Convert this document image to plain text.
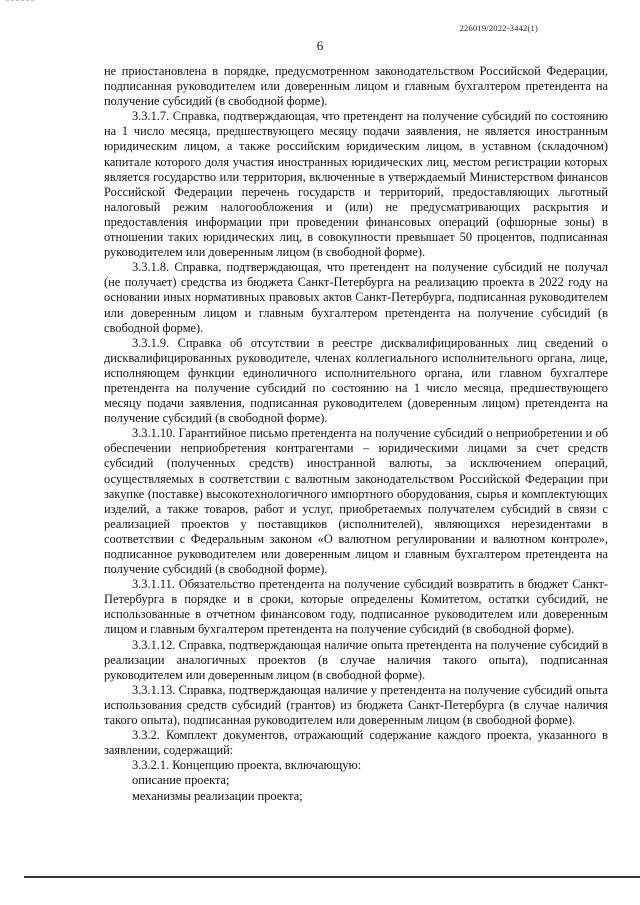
226019/2022-3442(1)
6

не приостановлена в порядке, предусмотренном законодательством Российской Федерации, подписанная руководителем или доверенным лицом и главным бухгалтером претендента на получение субсидий (в свободной форме).

3.3.1.7. Справка, подтверждающая, что претендент на получение субсидий по состоянию на 1 число месяца, предшествующего месяцу подачи заявления, не является иностранным юридическим лицом, а также российским юридическим лицом, в уставном (складочном) капитале которого доля участия иностранных юридических лиц, местом регистрации которых является государство или территория, включенные в утверждаемый Министерством финансов Российской Федерации перечень государств и территорий, предоставляющих льготный налоговый режим налогообложения и (или) не предусматривающих раскрытия и предоставления информации при проведении финансовых операций (офшорные зоны) в отношении таких юридических лиц, в совокупности превышает 50 процентов, подписанная руководителем или доверенным лицом (в свободной форме).

3.3.1.8. Справка, подтверждающая, что претендент на получение субсидий не получал (не получает) средства из бюджета Санкт-Петербурга на реализацию проекта в 2022 году на основании иных нормативных правовых актов Санкт-Петербурга, подписанная руководителем или доверенным лицом и главным бухгалтером претендента на получение субсидий (в свободной форме).

3.3.1.9. Справка об отсутствии в реестре дисквалифицированных лиц сведений о дисквалифицированных руководителе, членах коллегиального исполнительного органа, лице, исполняющем функции единоличного исполнительного органа, или главном бухгалтере претендента на получение субсидий по состоянию на 1 число месяца, предшествующего месяцу подачи заявления, подписанная руководителем (доверенным лицом) претендента на получение субсидий (в свободной форме).

3.3.1.10. Гарантийное письмо претендента на получение субсидий о неприобретении и об обеспечении неприобретения контрагентами – юридическими лицами за счет средств субсидий (полученных средств) иностранной валюты, за исключением операций, осуществляемых в соответствии с валютным законодательством Российской Федерации при закупке (поставке) высокотехнологичного импортного оборудования, сырья и комплектующих изделий, а также товаров, работ и услуг, приобретаемых получателем субсидий в связи с реализацией проектов у поставщиков (исполнителей), являющихся нерезидентами в соответствии с Федеральным законом «О валютном регулировании и валютном контроле», подписанное руководителем или доверенным лицом и главным бухгалтером претендента на получение субсидий (в свободной форме).

3.3.1.11. Обязательство претендента на получение субсидий возвратить в бюджет Санкт-Петербурга в порядке и в сроки, которые определены Комитетом, остатки субсидий, не использованные в отчетном финансовом году, подписанное руководителем или доверенным лицом и главным бухгалтером претендента на получение субсидий (в свободной форме).

3.3.1.12. Справка, подтверждающая наличие опыта претендента на получение субсидий в реализации аналогичных проектов (в случае наличия такого опыта), подписанная руководителем или доверенным лицом (в свободной форме).

3.3.1.13. Справка, подтверждающая наличие у претендента на получение субсидий опыта использования средств субсидий (грантов) из бюджета Санкт-Петербурга (в случае наличия такого опыта), подписанная руководителем или доверенным лицом (в свободной форме).

3.3.2. Комплект документов, отражающий содержание каждого проекта, указанного в заявлении, содержащий:

3.3.2.1. Концепцию проекта, включающую:

описание проекта;

механизмы реализации проекта;
